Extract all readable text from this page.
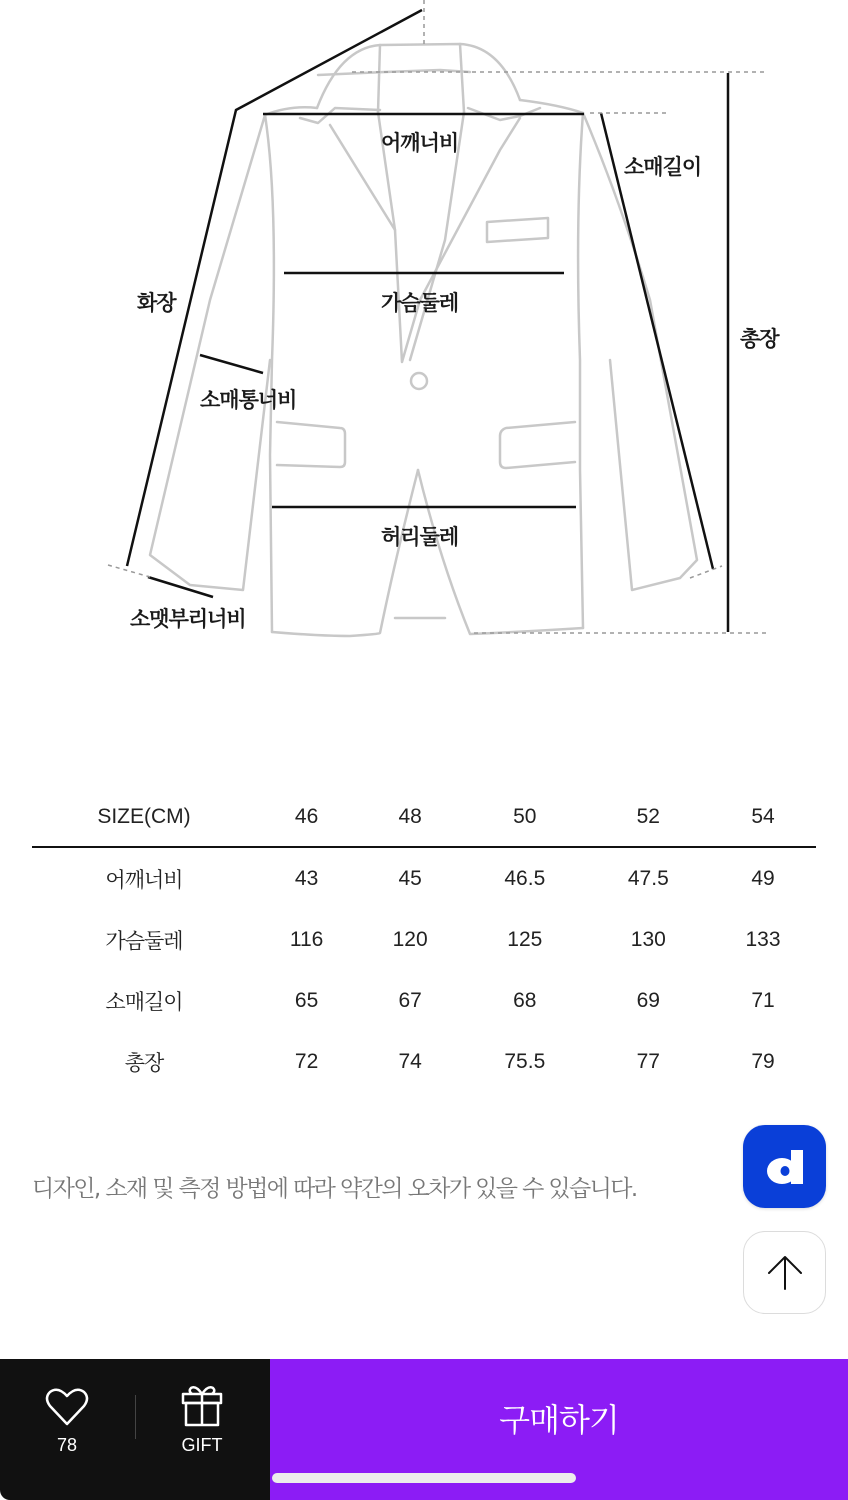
어깨너비
소매길이
화장	가슴둘레
총장
소매통너비
허리둘레
소맷부리너비
SIZE(CM)	46	48	50	52	54
어깨너비	43	45	46.5	47.5	49
가슴둘레	116	120	125	130	133
소매길이	65	67	68	69	71
총장	72	74	75.5	77	79
디자인, 소재 및 측정 방법에 따라 약간의 오차가 있을 수 있습니다.
78	GIFT
구매하기
